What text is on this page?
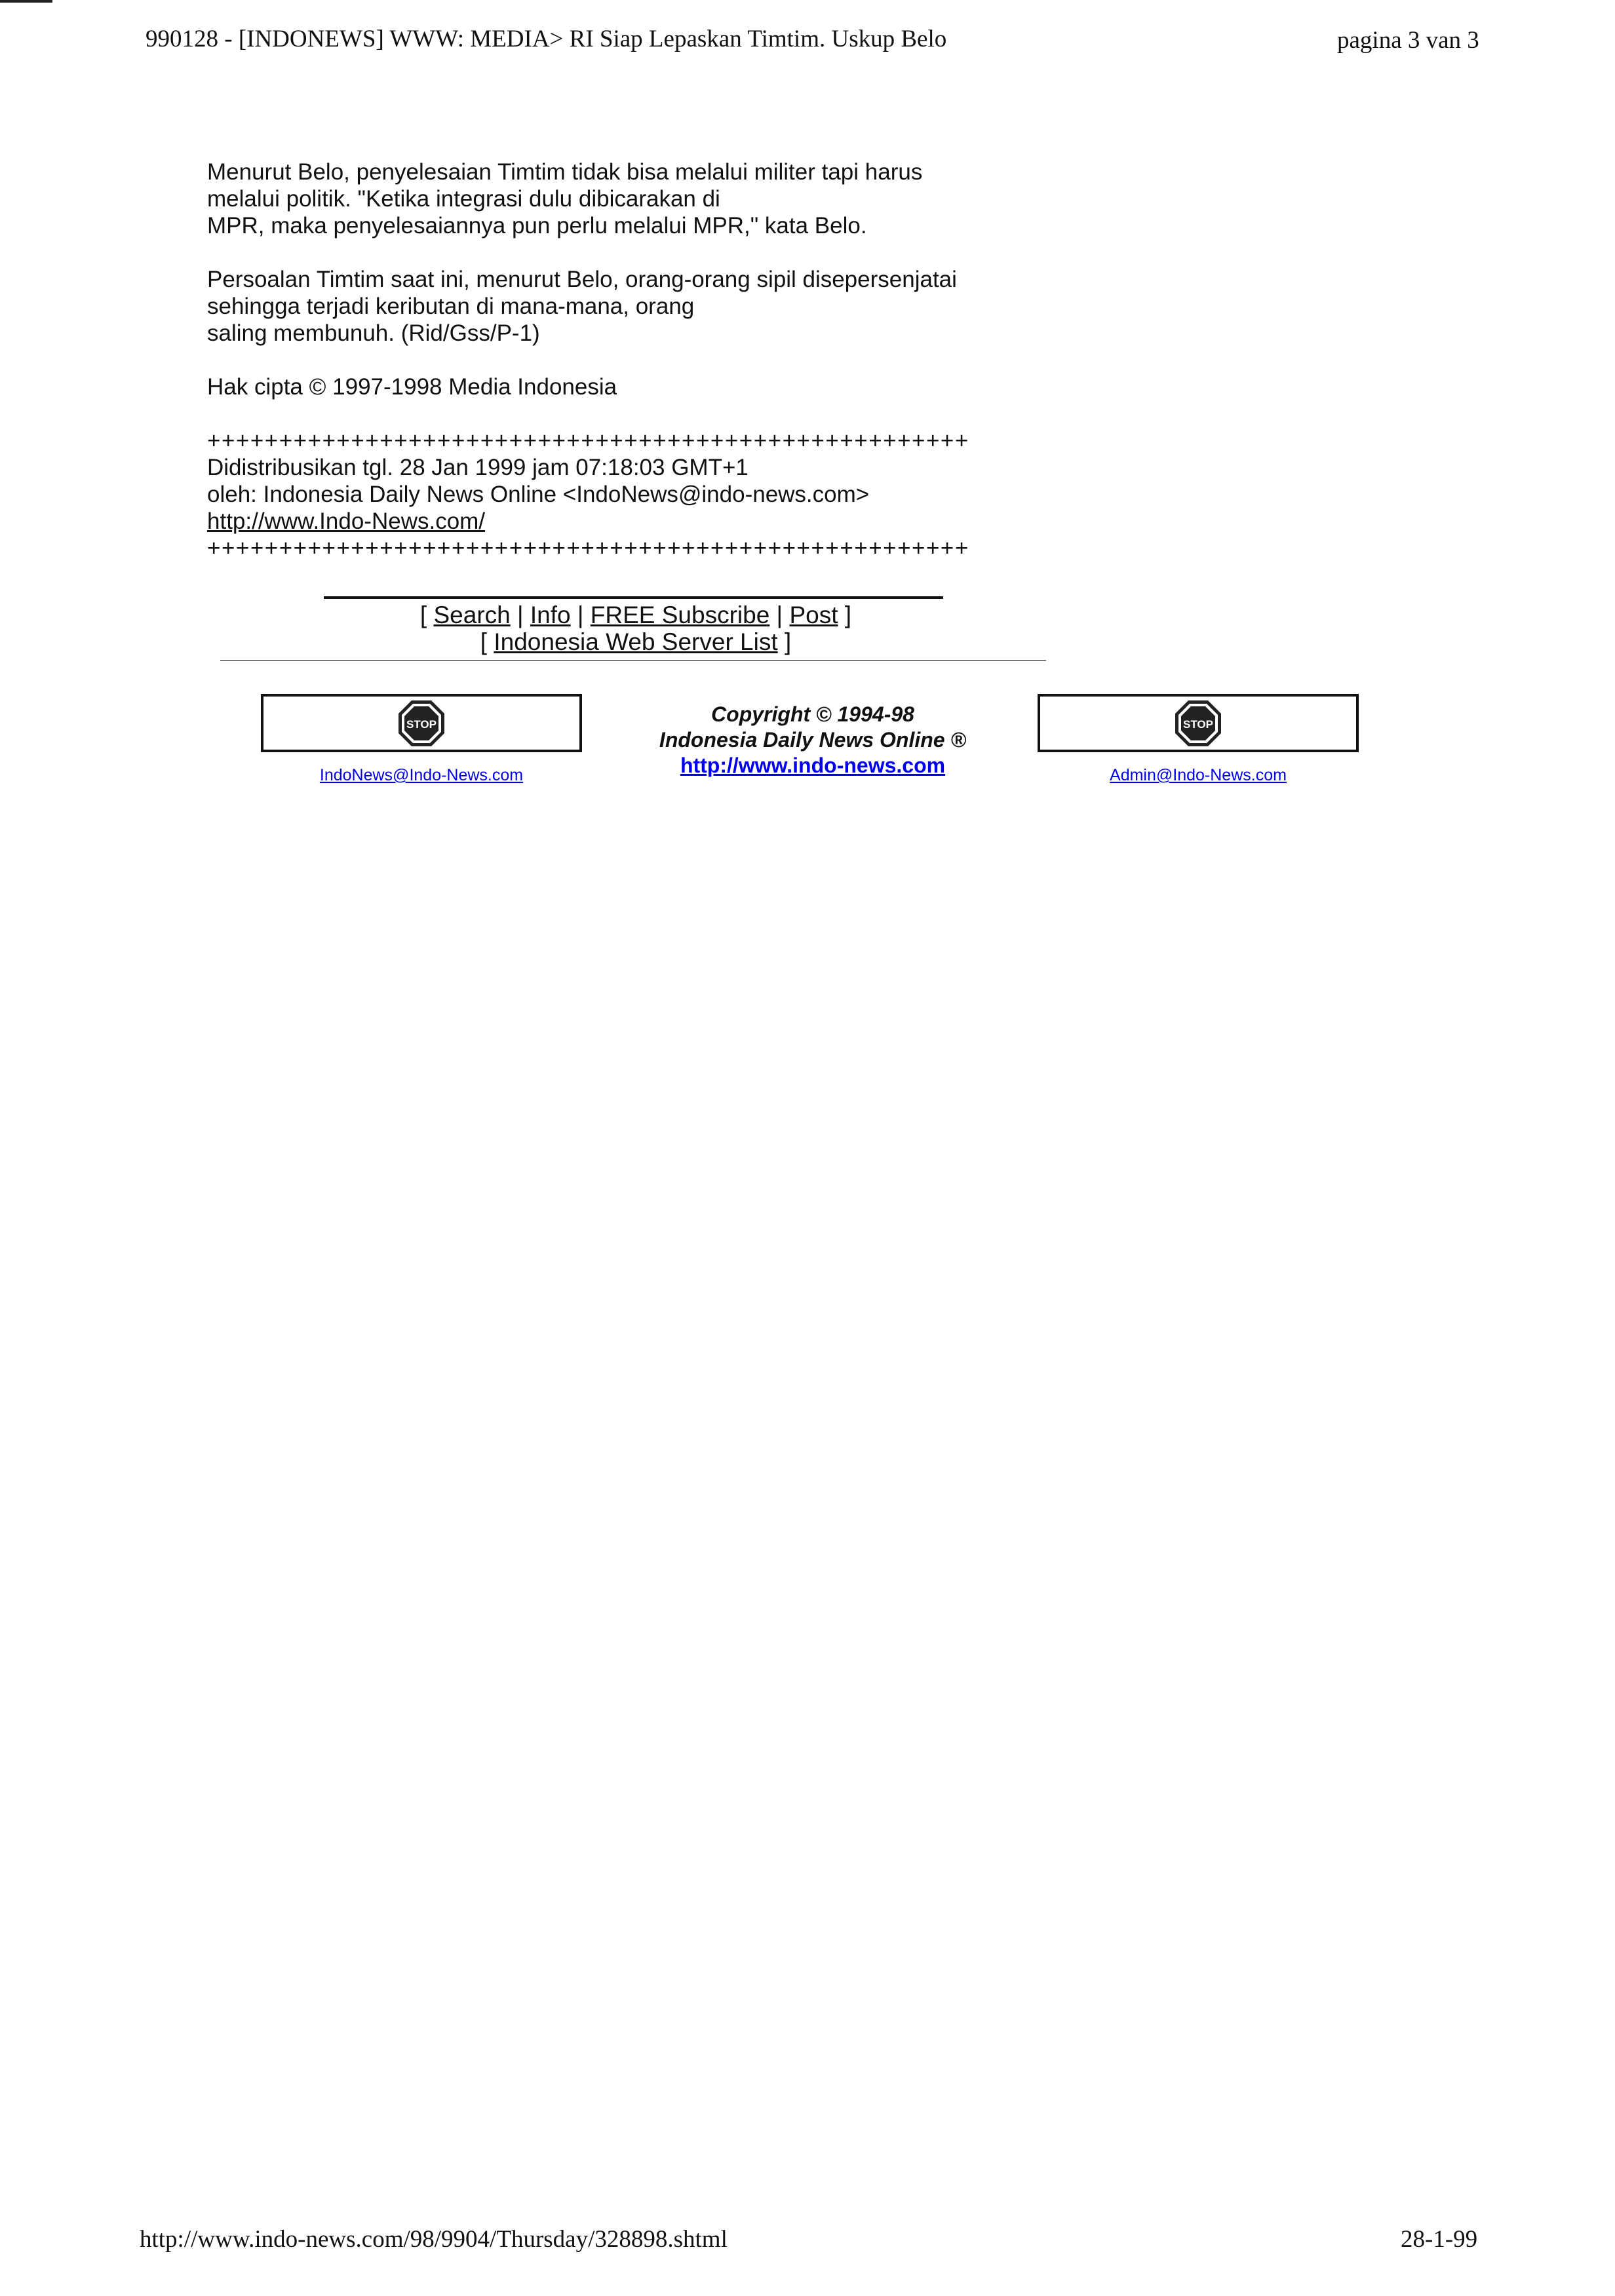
990128 - [INDONEWS] WWW: MEDIA> RI Siap Lepaskan Timtim. Uskup Belo	pagina 3 van 3

Menurut Belo, penyelesaian Timtim tidak bisa melalui militer tapi harus
melalui politik. "Ketika integrasi dulu dibicarakan di
MPR, maka penyelesaiannya pun perlu melalui MPR," kata Belo.

Persoalan Timtim saat ini, menurut Belo, orang-orang sipil disepersenjatai
sehingga terjadi keributan di mana-mana, orang
saling membunuh. (Rid/Gss/P-1)

Hak cipta © 1997-1998 Media Indonesia

+++++++++++++++++++++++++++++++++++++++++++++++++++++
Didistribusikan tgl. 28 Jan 1999 jam 07:18:03 GMT+1
oleh: Indonesia Daily News Online <IndoNews@indo-news.com>
http://www.Indo-News.com/
+++++++++++++++++++++++++++++++++++++++++++++++++++++
[ Search | Info | FREE Subscribe | Post ]
[ Indonesia Web Server List ]
STOP
IndoNews@Indo-News.com
Copyright © 1994-98
Indonesia Daily News Online ®
http://www.indo-news.com
STOP
Admin@Indo-News.com
http://www.indo-news.com/98/9904/Thursday/328898.shtml	28-1-99
